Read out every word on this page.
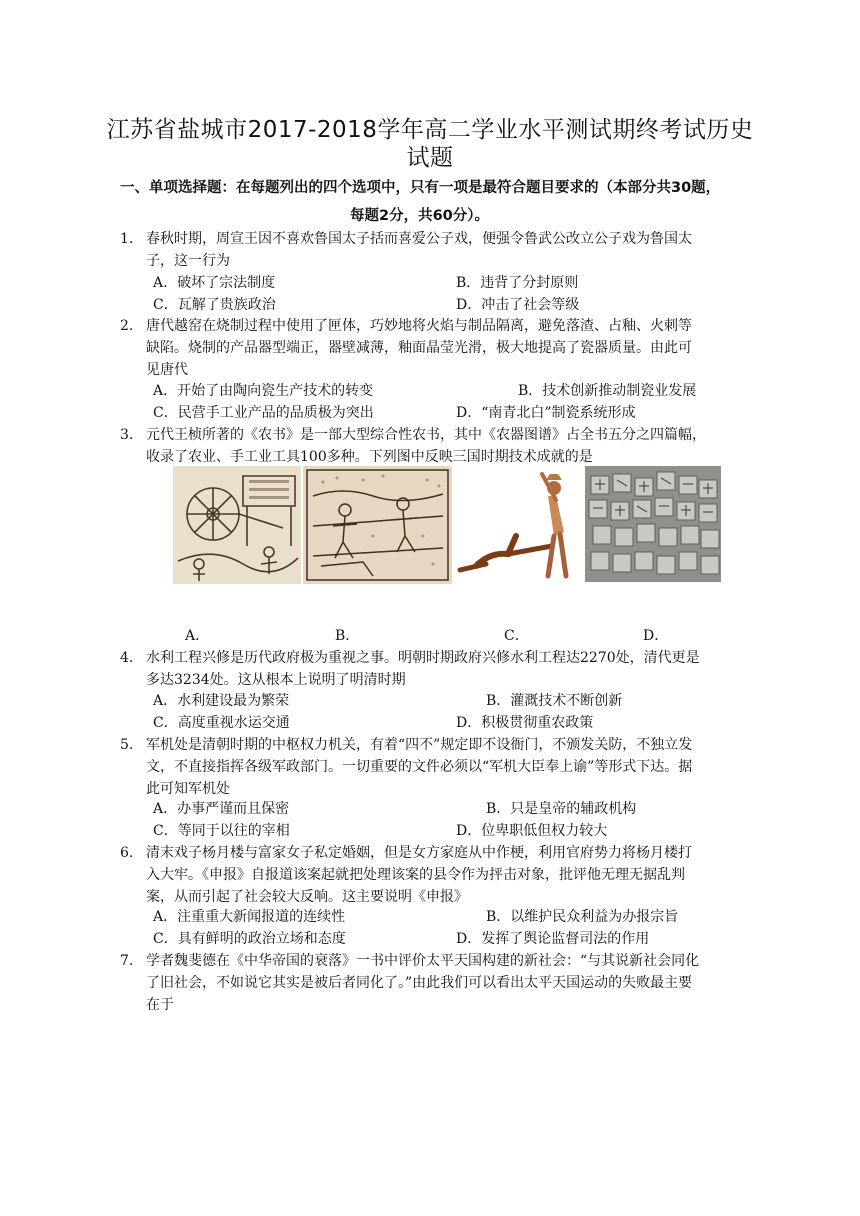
江苏省盐城市2017-2018学年高二学业水平测试期终考试历史
试题
一、单项选择题：在每题列出的四个选项中，只有一项是最符合题目要求的（本部分共30题，
每题2分，共60分）。
1. 春秋时期，周宣王因不喜欢鲁国太子括而喜爱公子戏，便强令鲁武公改立公子戏为鲁国太
子，这一行为
A．破坏了宗法制度	B．违背了分封原则
C．瓦解了贵族政治	D．冲击了社会等级
2. 唐代越窑在烧制过程中使用了匣体，巧妙地将火焰与制品隔离，避免落渣、占釉、火刺等
缺陷。烧制的产品器型端正，器壁减薄，釉面晶莹光滑，极大地提高了瓷器质量。由此可
见唐代
A．开始了由陶向瓷生产技术的转变	B．技术创新推动制瓷业发展
C．民营手工业产品的品质极为突出	D．“南青北白”制瓷系统形成
3. 元代王桢所著的《农书》是一部大型综合性农书，其中《农器图谱》占全书五分之四篇幅，
收录了农业、手工业工具100多种。下列图中反映三国时期技术成就的是
A．	B．	C．	D．
4. 水利工程兴修是历代政府极为重视之事。明朝时期政府兴修水利工程达2270处，清代更是
多达3234处。这从根本上说明了明清时期
A．水利建设最为繁荣	B．灌溉技术不断创新
C．高度重视水运交通	D．积极贯彻重农政策
5. 军机处是清朝时期的中枢权力机关，有着“四不”规定即不设衙门，不颁发关防，不独立发
文，不直接指挥各级军政部门。一切重要的文件必须以“军机大臣奉上谕”等形式下达。据
此可知军机处
A．办事严谨而且保密	B．只是皇帝的辅政机构
C．等同于以往的宰相	D．位卑职低但权力较大
6. 清末戏子杨月楼与富家女子私定婚姻，但是女方家庭从中作梗，利用官府势力将杨月楼打
入大牢。《申报》自报道该案起就把处理该案的县令作为抨击对象，批评他无理无据乱判
案，从而引起了社会较大反响。这主要说明《申报》
A．注重重大新闻报道的连续性	B．以维护民众利益为办报宗旨
C．具有鲜明的政治立场和态度	D．发挥了舆论监督司法的作用
7. 学者魏斐德在《中华帝国的衰落》一书中评价太平天国构建的新社会：“与其说新社会同化
了旧社会，不如说它其实是被后者同化了。”由此我们可以看出太平天国运动的失败最主要
在于
